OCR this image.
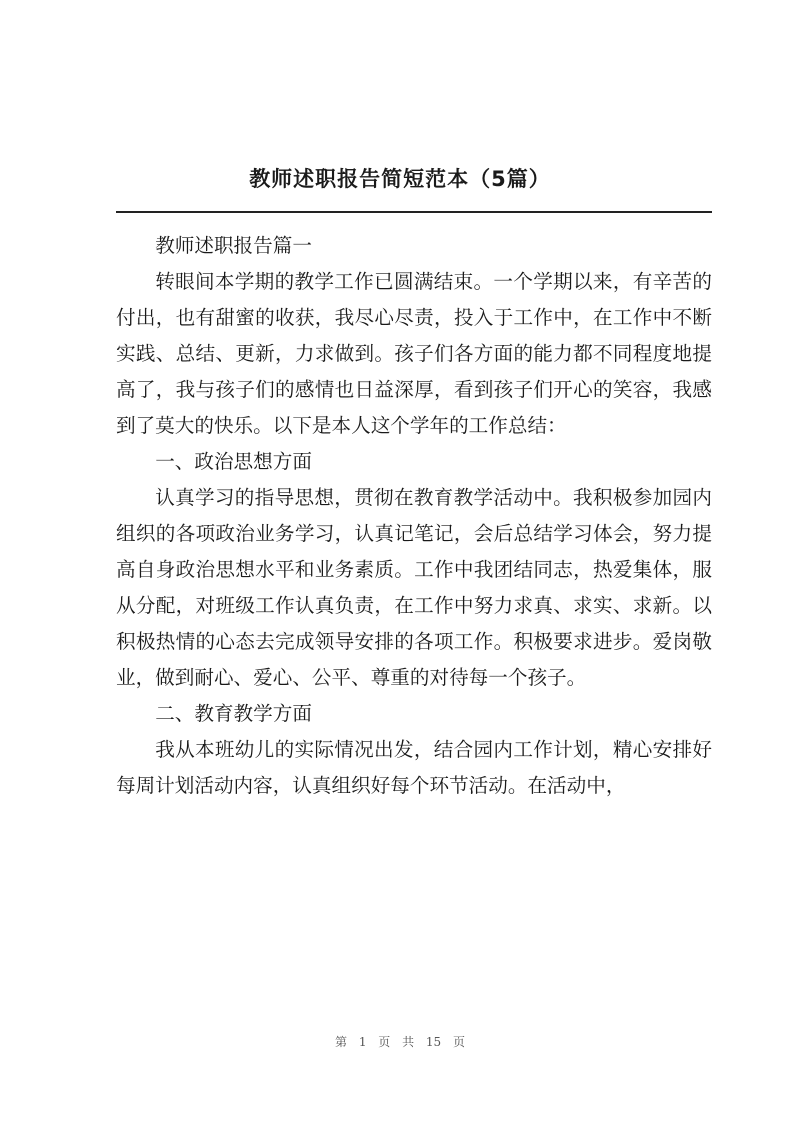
教师述职报告简短范本（5篇）

教师述职报告篇一

转眼间本学期的教学工作已圆满结束。一个学期以来，有辛苦的付出，也有甜蜜的收获，我尽心尽责，投入于工作中，在工作中不断实践、总结、更新，力求做到。孩子们各方面的能力都不同程度地提高了，我与孩子们的感情也日益深厚，看到孩子们开心的笑容，我感到了莫大的快乐。以下是本人这个学年的工作总结：

一、政治思想方面

认真学习的指导思想，贯彻在教育教学活动中。我积极参加园内组织的各项政治业务学习，认真记笔记，会后总结学习体会，努力提高自身政治思想水平和业务素质。工作中我团结同志，热爱集体，服从分配，对班级工作认真负责，在工作中努力求真、求实、求新。以积极热情的心态去完成领导安排的各项工作。积极要求进步。爱岗敬业，做到耐心、爱心、公平、尊重的对待每一个孩子。

二、教育教学方面

我从本班幼儿的实际情况出发，结合园内工作计划，精心安排好每周计划活动内容，认真组织好每个环节活动。在活动中，

第 1 页 共 15 页
